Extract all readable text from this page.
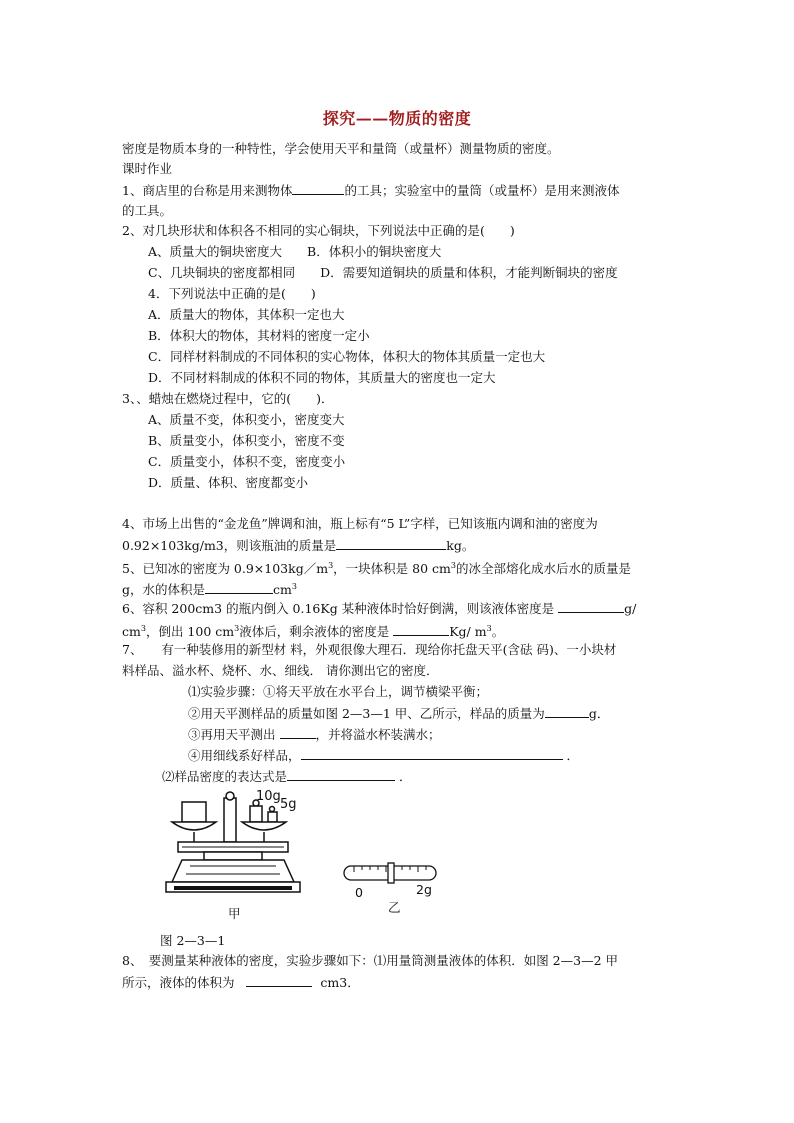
探究——物质的密度
密度是物质本身的一种特性，学会使用天平和量筒（或量杯）测量物质的密度。
课时作业
1、商店里的台称是用来测物体	的工具；实验室中的量筒（或量杯）是用来测液体
的工具。
2、对几块形状和体积各不相同的实心铜块，下列说法中正确的是(　　)
A、质量大的铜块密度大　　B．体积小的铜块密度大
C、几块铜块的密度都相同　　D．需要知道铜块的质量和体积，才能判断铜块的密度
4．下列说法中正确的是(　　)
A．质量大的物体，其体积一定也大
B．体积大的物体，其材料的密度一定小
C．同样材料制成的不同体积的实心物体，体积大的物体其质量一定也大
D．不同材料制成的体积不同的物体，其质量大的密度也一定大
3、、蜡烛在燃烧过程中，它的(　　)．
A、质量不变，体积变小，密度变大
B、质量变小，体积变小，密度不变
C．质量变小，体积不变，密度变小
D．质量、体积、密度都变小
4、市场上出售的“金龙鱼”牌调和油，瓶上标有“5 L”字样，已知该瓶内调和油的密度为
0.92×103kg/m3，则该瓶油的质量是	kg。
5、已知冰的密度为 $0.9\times 103kg/m^3$，一块体积是 80 $cm^3$的冰全部熔化成水后水的质量是
g，水的体积是	$cm^3$
6、容积 200cm3 的瓶内倒入 0.16Kg 某种液体时恰好倒满，则该液体密度是	g/
$cm^3$，倒出 100 $cm^3$液体后，剩余液体的密度是	Kg/ $m^3$。
7、　　有一种装修用的新型材 料，外观很像大理石．现给你托盘天平(含砝 码)、一小块材
料样品、溢水杯、烧杯、水、细线． 请你测出它的密度．
⑴实验步骤：①将天平放在水平台上，调节横梁平衡；
②用天平测样品的质量如图 2—3—1 甲、乙所示，样品的质量为	g．
③再用天平测出	，并将溢水杯装满水；
④用细线系好样品，	．
⑵样品密度的表达式是	．
10g
5g
甲
0	2g
乙
图 2—3—1
8、　要测量某种液体的密度，实验步骤如下：⑴用量筒测量液体的体积．如图 2—3—2 甲
所示，液体的体积为	cm3．
